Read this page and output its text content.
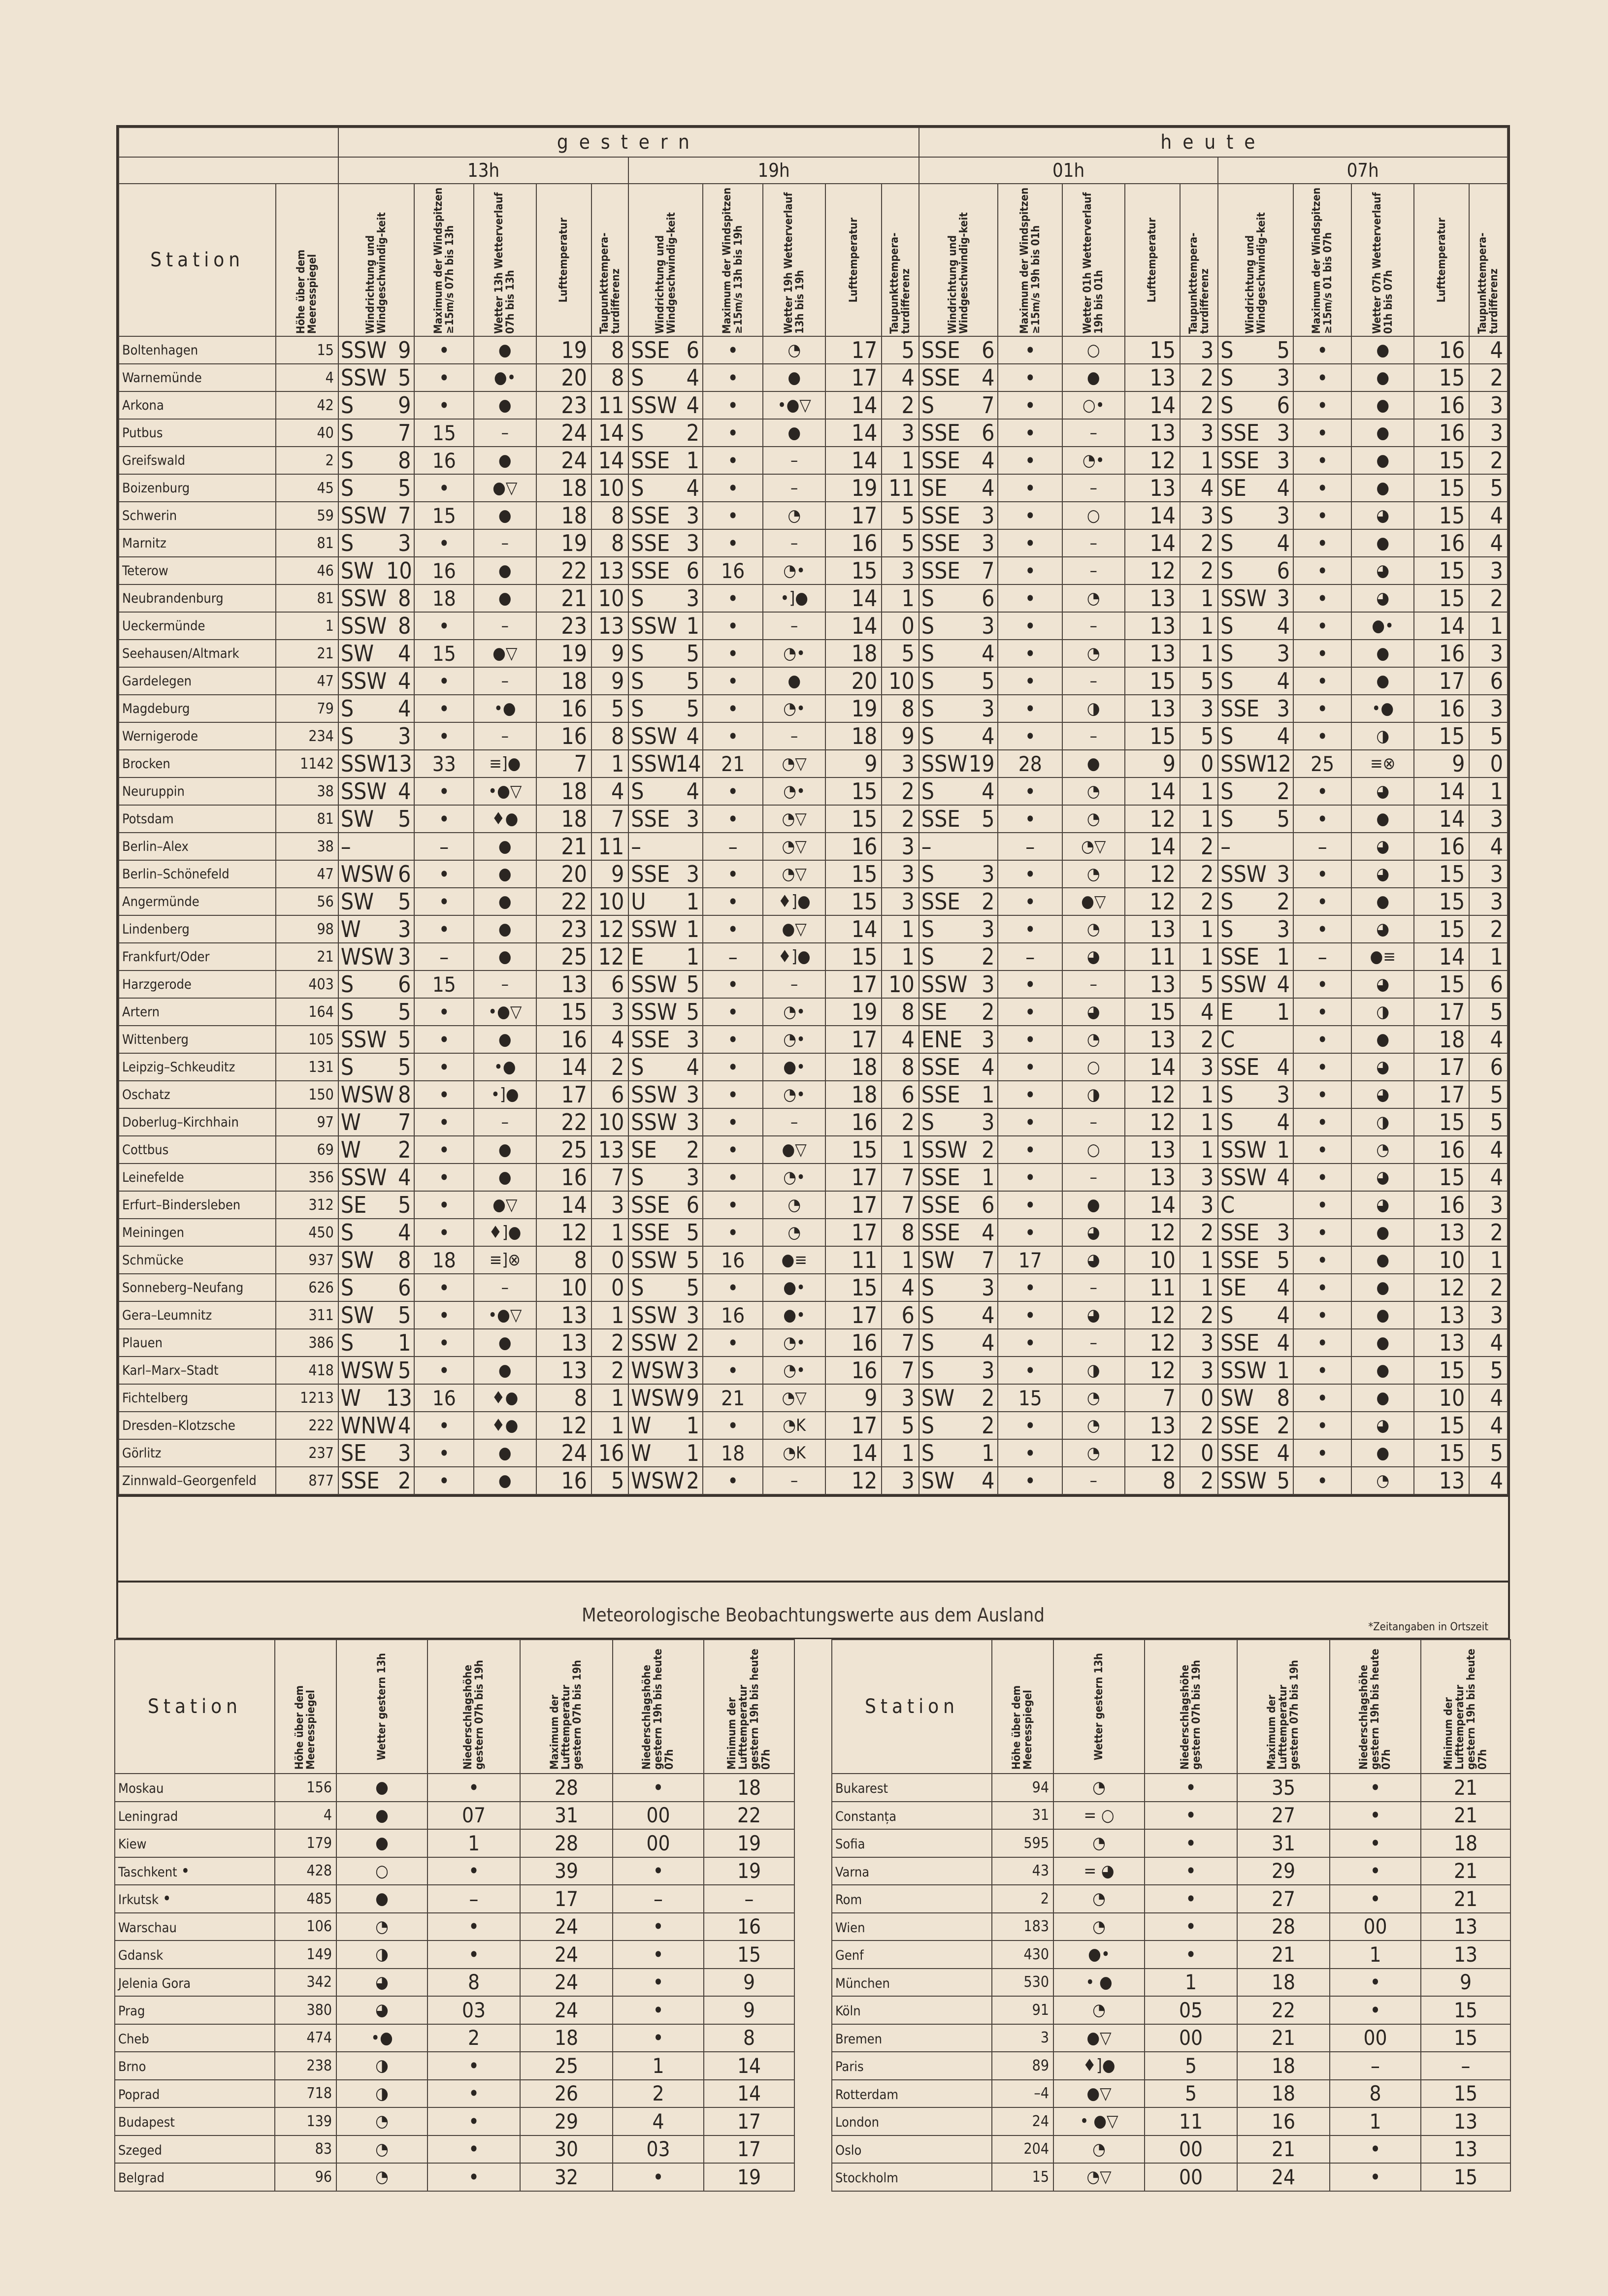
		gestern										heute									
		13h					19h					01h					07h				
Station	Höhe über dem Meeresspiegel	Windrichtung und Windgeschwindig-keit	Maximum der Windspitzen ≥15m/s 07h bis 13h	Wetter 13h Wetterverlauf 07h bis 13h	Lufttemperatur	Taupunkttempera-turdifferenz	Windrichtung und Windgeschwindig-keit	Maximum der Windspitzen ≥15m/s 13h bis 19h	Wetter 19h Wetterverlauf 13h bis 19h	Lufttemperatur	Taupunkttempera-turdifferenz	Windrichtung und Windgeschwindig-keit	Maximum der Windspitzen ≥15m/s 19h bis 01h	Wetter 01h Wetterverlauf 19h bis 01h	Lufttemperatur	Taupunkttempera-turdifferenz	Windrichtung und Windgeschwindig-keit	Maximum der Windspitzen ≥15m/s 01 bis 07h	Wetter 07h Wetterverlauf 01h bis 07h	Lufttemperatur	Taupunkttempera-turdifferenz

Boltenhagen	15	SSW 9	•	●	19	8	SSE 6	•	◔	17	5	SSE 6	•	○	15	3	S 5	•	●	16	4
Warnemünde	4	SSW 5	•	●•	20	8	S 4	•	●	17	4	SSE 4	•	●	13	2	S 3	•	●	15	2
Arkona	42	S 9	•	●	23	11	SSW 4	•	•●▽	14	2	S 7	•	○•	14	2	S 6	•	●	16	3
Putbus	40	S 7	15	–	24	14	S 2	•	●	14	3	SSE 6	•	–	13	3	SSE 3	•	●	16	3
Greifswald	2	S 8	16	●	24	14	SSE 1	•	–	14	1	SSE 4	•	◔•	12	1	SSE 3	•	●	15	2
Boizenburg	45	S 5	•	●▽	18	10	S 4	•	–	19	11	SE 4	•	–	13	4	SE 4	•	●	15	5
Schwerin	59	SSW 7	15	●	18	8	SSE 3	•	◔	17	5	SSE 3	•	○	14	3	S 3	•	◕	15	4
Marnitz	81	S 3	•	–	19	8	SSE 3	•	–	16	5	SSE 3	•	–	14	2	S 4	•	●	16	4
Teterow	46	SW 10	16	●	22	13	SSE 6	16	◔•	15	3	SSE 7	•	–	12	2	S 6	•	◕	15	3
Neubrandenburg	81	SSW 8	18	●	21	10	S 3	•	•]●	14	1	S 6	•	◔	13	1	SSW 3	•	◕	15	2
Ueckermünde	1	SSW 8	•	–	23	13	SSW 1	•	–	14	0	S 3	•	–	13	1	S 4	•	●•	14	1
Seehausen/Altmark	21	SW 4	15	●▽	19	9	S 5	•	◔•	18	5	S 4	•	◔	13	1	S 3	•	●	16	3
Gardelegen	47	SSW 4	•	–	18	9	S 5	•	●	20	10	S 5	•	–	15	5	S 4	•	●	17	6
Magdeburg	79	S 4	•	•●	16	5	S 5	•	◔•	19	8	S 3	•	◑	13	3	SSE 3	•	•●	16	3
Wernigerode	234	S 3	•	–	16	8	SSW 4	•	–	18	9	S 4	•	–	15	5	S 4	•	◑	15	5
Brocken	1142	SSW13	33	≡]●	7	1	SSW14	21	◔▽	9	3	SSW19	28	●	9	0	SSW12	25	≡⊗	9	0
Neuruppin	38	SSW 4	•	•●▽	18	4	S 4	•	◔•	15	2	S 4	•	◔	14	1	S 2	•	◕	14	1
Potsdam	81	SW 5	•	♦●	18	7	SSE 3	•	◔▽	15	2	SSE 5	•	◔	12	1	S 5	•	●	14	3
Berlin–Alex	38	–	–	●	21	11	–	–	◔▽	16	3	–	–	◔▽	14	2	–	–	◕	16	4
Berlin–Schönefeld	47	WSW 6	•	●	20	9	SSE 3	•	◔▽	15	3	S 3	•	◔	12	2	SSW 3	•	◕	15	3
Angermünde	56	SW 5	•	●	22	10	U 1	•	♦]●	15	3	SSE 2	•	●▽	12	2	S 2	•	●	15	3
Lindenberg	98	W 3	•	●	23	12	SSW 1	•	●▽	14	1	S 3	•	◔	13	1	S 3	•	◕	15	2
Frankfurt/Oder	21	WSW 3	–	●	25	12	E 1	–	♦]●	15	1	S 2	–	◕	11	1	SSE 1	–	●≡	14	1
Harzgerode	403	S 6	15	–	13	6	SSW 5	•	–	17	10	SSW 3	•	–	13	5	SSW 4	•	◕	15	6
Artern	164	S 5	•	•●▽	15	3	SSW 5	•	◔•	19	8	SE 2	•	◕	15	4	E 1	•	◑	17	5
Wittenberg	105	SSW 5	•	●	16	4	SSE 3	•	◔•	17	4	ENE 3	•	◔	13	2	C	•	●	18	4
Leipzig–Schkeuditz	131	S 5	•	•●	14	2	S 4	•	●•	18	8	SSE 4	•	○	14	3	SSE 4	•	◕	17	6
Oschatz	150	WSW 8	•	•]●	17	6	SSW 3	•	◔•	18	6	SSE 1	•	◑	12	1	S 3	•	◕	17	5
Doberlug–Kirchhain	97	W 7	•	–	22	10	SSW 3	•	–	16	2	S 3	•	–	12	1	S 4	•	◑	15	5
Cottbus	69	W 2	•	●	25	13	SE 2	•	●▽	15	1	SSW 2	•	○	13	1	SSW 1	•	◔	16	4
Leinefelde	356	SSW 4	•	●	16	7	S 3	•	◔•	17	7	SSE 1	•	–	13	3	SSW 4	•	◕	15	4
Erfurt–Bindersleben	312	SE 5	•	●▽	14	3	SSE 6	•	◔	17	7	SSE 6	•	●	14	3	C	•	◕	16	3
Meiningen	450	S 4	•	♦]●	12	1	SSE 5	•	◔	17	8	SSE 4	•	◕	12	2	SSE 3	•	●	13	2
Schmücke	937	SW 8	18	≡]⊗	8	0	SSW 5	16	●≡	11	1	SW 7	17	◕	10	1	SSE 5	•	●	10	1
Sonneberg–Neufang	626	S 6	•	–	10	0	S 5	•	●•	15	4	S 3	•	–	11	1	SE 4	•	●	12	2
Gera–Leumnitz	311	SW 5	•	•●▽	13	1	SSW 3	16	●•	17	6	S 4	•	◕	12	2	S 4	•	●	13	3
Plauen	386	S 1	•	●	13	2	SSW 2	•	◔•	16	7	S 4	•	–	12	3	SSE 4	•	●	13	4
Karl–Marx–Stadt	418	WSW 5	•	●	13	2	WSW3	•	◔•	16	7	S 3	•	◑	12	3	SSW 1	•	●	15	5
Fichtelberg	1213	W 13	16	♦●	8	1	WSW9	21	◔▽	9	3	SW 2	15	◔	7	0	SW 8	•	●	10	4
Dresden–Klotzsche	222	WNW4	•	♦●	12	1	W 1	•	◔K	17	5	S 2	•	◔	13	2	SSE 2	•	◕	15	4
Görlitz	237	SE 3	•	●	24	16	W 1	18	◔K	14	1	S 1	•	◔	12	0	SSE 4	•	●	15	5
Zinnwald–Georgenfeld	877	SSE 2	•	●	16	5	WSW2	•	–	12	3	SW 4	•	–	8	2	SSW 5	•	◔	13	4
Meteorologische Beobachtungswerte aus dem Ausland
*Zeitangaben in Ortszeit
Station	Höhe über dem Meeresspiegel	Wetter gestern 13h	Niederschlagshöhe gestern 07h bis 19h	Maximum der Lufttemperatur gestern 07h bis 19h	Niederschlagshöhe gestern 19h bis heute 07h	Minimum der Lufttemperatur gestern 19h bis heute 07h

Moskau	156	●	•	28	•	18
Leningrad	4	●	07	31	00	22
Kiew	179	●	1	28	00	19
Taschkent •	428	○	•	39	•	19
Irkutsk •	485	●	–	17	–	–
Warschau	106	◔	•	24	•	16
Gdansk	149	◑	•	24	•	15
Jelenia Gora	342	◕	8	24	•	9
Prag	380	◕	03	24	•	9
Cheb	474	•●	2	18	•	8
Brno	238	◑	•	25	1	14
Poprad	718	◑	•	26	2	14
Budapest	139	◔	•	29	4	17
Szeged	83	◔	•	30	03	17
Belgrad	96	◔	•	32	•	19
Station	Höhe über dem Meeresspiegel	Wetter gestern 13h	Niederschlagshöhe gestern 07h bis 19h	Maximum der Lufttemperatur gestern 07h bis 19h	Niederschlagshöhe gestern 19h bis heute 07h	Minimum der Lufttemperatur gestern 19h bis heute 07h

Bukarest	94	◔	•	35	•	21
Constanța	31	= ○	•	27	•	21
Sofia	595	◔	•	31	•	18
Varna	43	= ◕	•	29	•	21
Rom	2	◔	•	27	•	21
Wien	183	◔	•	28	00	13
Genf	430	●•	•	21	1	13
München	530	• ●	1	18	•	9
Köln	91	◔	05	22	•	15
Bremen	3	●▽	00	21	00	15
Paris	89	♦]●	5	18	–	–
Rotterdam	–4	●▽	5	18	8	15
London	24	• ●▽	11	16	1	13
Oslo	204	◔	00	21	•	13
Stockholm	15	◔▽	00	24	•	15
